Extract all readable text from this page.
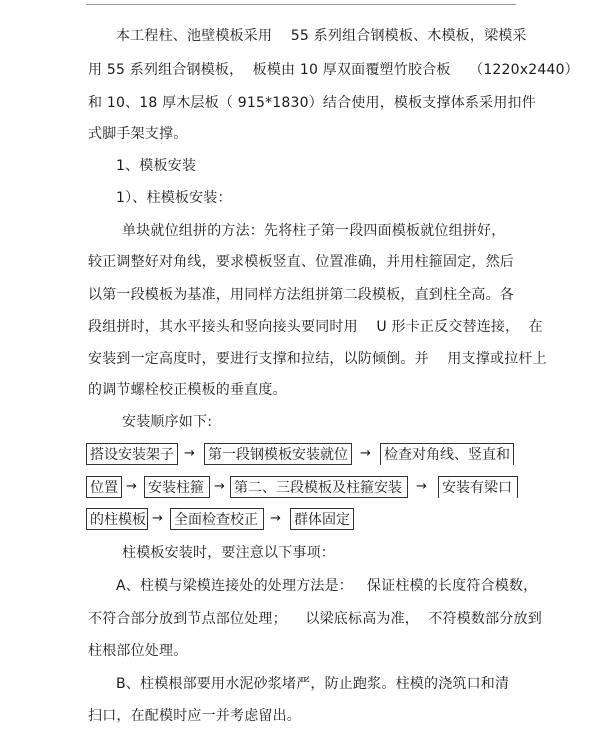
本工程柱、池壁模板采用    55 系列组合钢模板、木模板，梁模采
用 55 系列组合钢模板，  板模由 10 厚双面覆塑竹胶合板    （1220x2440）
和 10、18 厚木层板（ 915*1830）结合使用，模板支撑体系采用扣件
式脚手架支撑。
1、模板安装
1）、柱模板安装：
单块就位组拼的方法：先将柱子第一段四面模板就位组拼好，
较正调整好对角线，要求模板竖直、位置准确，并用柱箍固定，然后
以第一段模板为基准，用同样方法组拼第二段模板，直到柱全高。各
段组拼时，其水平接头和竖向接头要同时用    U 形卡正反交替连接，  在
安装到一定高度时，要进行支撑和拉结，以防倾倒。并    用支撑或拉杆上
的调节螺栓校正模板的垂直度。
安装顺序如下:
搭设安装架子 → 第一段钢模板安装就位 → 检查对角线、竖直和
位置 → 安装柱箍 → 第二、三段模板及柱箍安装	→ 安装有梁口
的柱模板 → 全面检查校正 → 群体固定
柱模板安装时，要注意以下事项：
A、柱模与梁模连接处的处理方法是：   保证柱模的长度符合模数，
不符合部分放到节点部位处理；    以梁底标高为准，  不符模数部分放到
柱根部位处理。
B、柱模根部要用水泥砂浆堵严，防止跑浆。柱模的浇筑口和清
扫口，在配模时应一并考虑留出。
